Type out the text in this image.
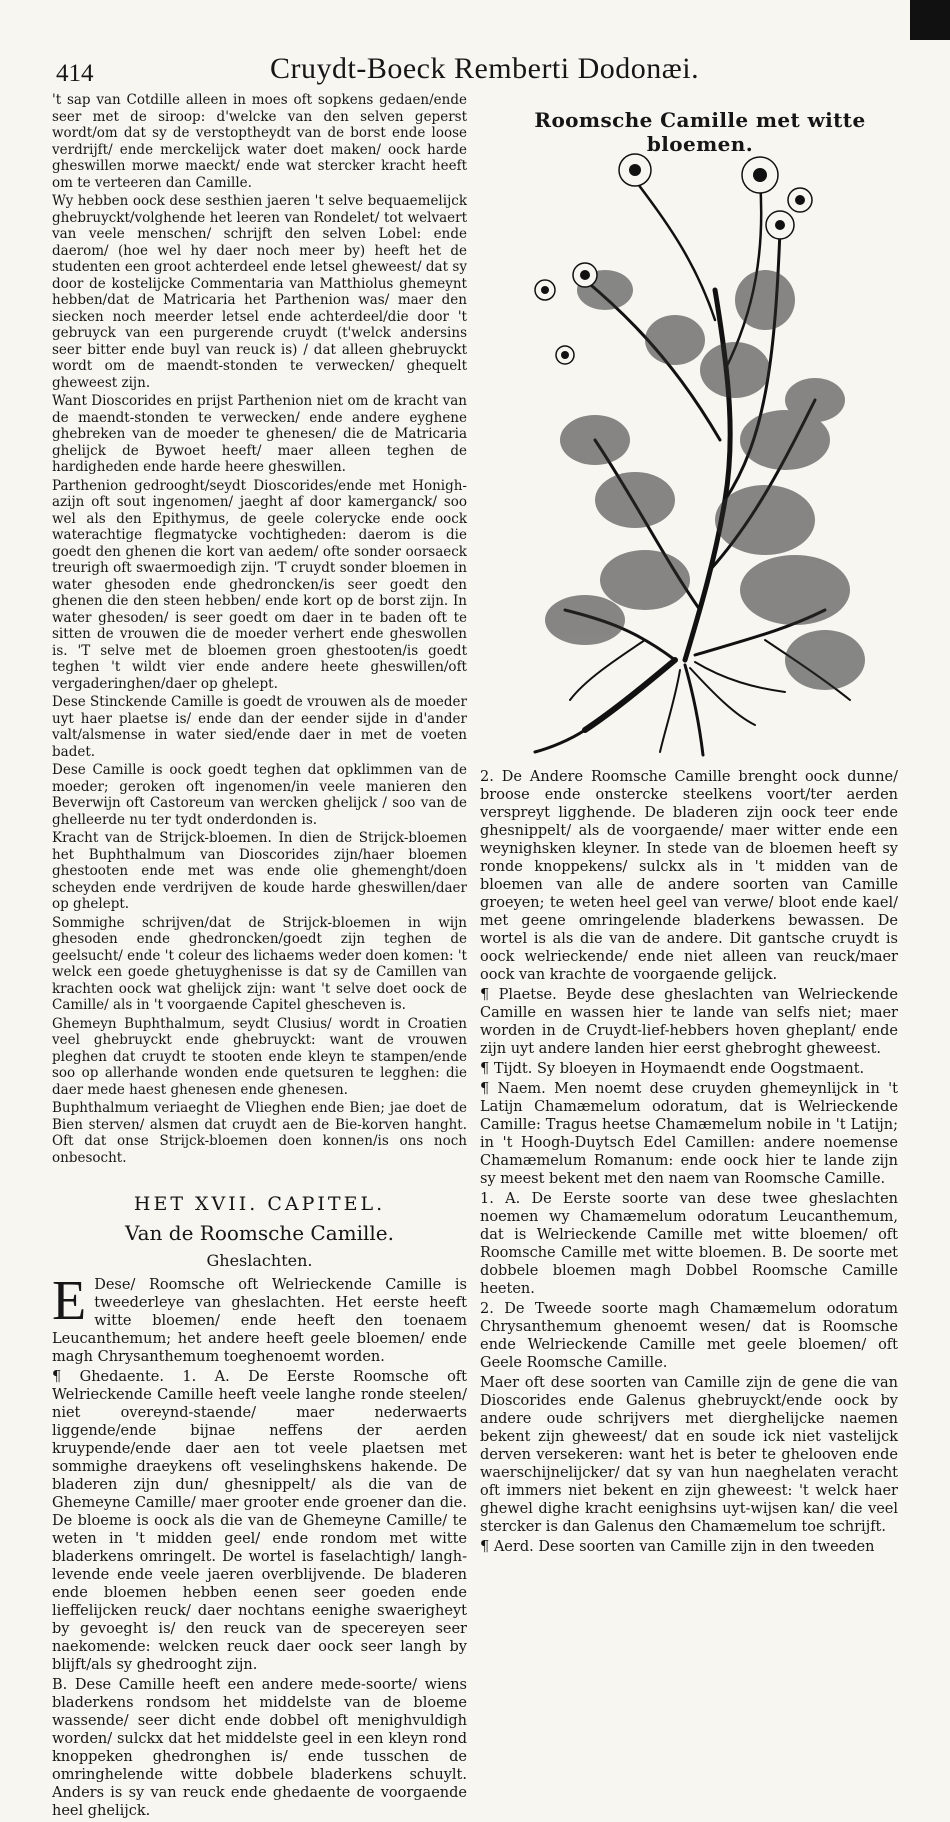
414	Cruydt-Boeck Remberti Dodonæi.

't sap van Cotdille alleen in moes oft sopkens gedaen/ende seer met de siroop: d'welcke van den selven geperst wordt/om dat sy de verstoptheydt van de borst ende loose verdrijft/ ende merckelijck water doet maken/ oock harde gheswillen morwe maeckt/ ende wat stercker kracht heeft om te verteeren dan Camille.

Wy hebben oock dese sesthien jaeren 't selve bequaemelijck ghebruyckt/volghende het leeren van Rondelet/ tot welvaert van veele menschen/ schrijft den selven Lobel: ende daerom/ (hoe wel hy daer noch meer by) heeft het de studenten een groot achterdeel ende letsel gheweest/ dat sy door de kostelijcke Commentaria van Matthiolus ghemeynt hebben/dat de Matricaria het Parthenion was/ maer den siecken noch meerder letsel ende achterdeel/die door 't gebruyck van een purgerende cruydt (t'welck andersins seer bitter ende buyl van reuck is) / dat alleen ghebruyckt wordt om de maendt-stonden te verwecken/ ghequelt gheweest zijn.

Want Dioscorides en prijst Parthenion niet om de kracht van de maendt-stonden te verwecken/ ende andere eyghene ghebreken van de moeder te ghenesen/ die de Matricaria ghelijck de Bywoet heeft/ maer alleen teghen de hardigheden ende harde heere gheswillen.

Parthenion gedrooght/seydt Dioscorides/ende met Honigh-azijn oft sout ingenomen/ jaeght af door kamerganck/ soo wel als den Epithymus, de geele colerycke ende oock waterachtige flegmatycke vochtigheden: daerom is die goedt den ghenen die kort van aedem/ ofte sonder oorsaeck treurigh oft swaermoedigh zijn. 'T cruydt sonder bloemen in water ghesoden ende ghedroncken/is seer goedt den ghenen die den steen hebben/ ende kort op de borst zijn. In water ghesoden/ is seer goedt om daer in te baden oft te sitten de vrouwen die de moeder verhert ende gheswollen is. 'T selve met de bloemen groen ghestooten/is goedt teghen 't wildt vier ende andere heete gheswillen/oft vergaderinghen/daer op ghelept.

Dese Stinckende Camille is goedt de vrouwen als de moeder uyt haer plaetse is/ ende dan der eender sijde in d'ander valt/alsmense in water sied/ende daer in met de voeten badet.

Dese Camille is oock goedt teghen dat opklimmen van de moeder; geroken oft ingenomen/in veele manieren den Beverwijn oft Castoreum van wercken ghelijck / soo van de ghelleerde nu ter tydt onderdonden is.

Kracht van de Strijck-bloemen. In dien de Strijck-bloemen het Buphthalmum van Dioscorides zijn/haer bloemen ghestooten ende met was ende olie ghemenght/doen scheyden ende verdrijven de koude harde gheswillen/daer op ghelept.

Sommighe schrijven/dat de Strijck-bloemen in wijn ghesoden ende ghedroncken/goedt zijn teghen de geelsucht/ ende 't coleur des lichaems weder doen komen: 't welck een goede ghetuyghenisse is dat sy de Camillen van krachten oock wat ghelijck zijn: want 't selve doet oock de Camille/ als in 't voorgaende Capitel ghescheven is.

Ghemeyn Buphthalmum, seydt Clusius/ wordt in Croatien veel ghebruyckt ende ghebruyckt: want de vrouwen pleghen dat cruydt te stooten ende kleyn te stampen/ende soo op allerhande wonden ende quetsuren te legghen: die daer mede haest ghenesen ende ghenesen.

Buphthalmum veriaeght de Vlieghen ende Bien; jae doet de Bien sterven/ alsmen dat cruydt aen de Bie-korven hanght. Oft dat onse Strijck-bloemen doen konnen/is ons noch onbesocht.

HET XVII. CAPITEL.
Van de Roomsche Camille.
Gheslachten.

E Dese/ Roomsche oft Welrieckende Camille is tweederleye van gheslachten. Het eerste heeft witte bloemen/ ende heeft den toenaem Leucanthemum; het andere heeft geele bloemen/ ende magh Chrysanthemum toeghenoemt worden.

¶ Ghedaente. 1. A. De Eerste Roomsche oft Welrieckende Camille heeft veele langhe ronde steelen/ niet overeynd-staende/ maer nederwaerts liggende/ende bijnae neffens der aerden kruypende/ende daer aen tot veele plaetsen met sommighe draeykens oft veselinghskens hakende. De bladeren zijn dun/ ghesnippelt/ als die van de Ghemeyne Camille/ maer grooter ende groener dan die. De bloeme is oock als die van de Ghemeyne Camille/ te weten in 't midden geel/ ende rondom met witte bladerkens omringelt. De wortel is faselachtigh/ langh-levende ende veele jaeren overblijvende. De bladeren ende bloemen hebben eenen seer goeden ende lieffelijcken reuck/ daer nochtans eenighe swaerigheyt by gevoeght is/ den reuck van de specereyen seer naekomende: welcken reuck daer oock seer langh by blijft/als sy ghedrooght zijn.

B. Dese Camille heeft een andere mede-soorte/ wiens bladerkens rondsom het middelste van de bloeme wassende/ seer dicht ende dobbel oft menighvuldigh worden/ sulckx dat het middelste geel in een kleyn rond knoppeken ghedronghen is/ ende tusschen de omringhelende witte dobbele bladerkens schuylt. Anders is sy van reuck ende ghedaente de voorgaende heel ghelijck.

Roomsche Camille met witte bloemen.

2. De Andere Roomsche Camille brenght oock dunne/ broose ende onsterckе steelkens voort/ter aerden verspreyt ligghende. De bladeren zijn oock teer ende ghesnippelt/ als de voorgaende/ maer witter ende een weynighsken kleyner. In stede van de bloemen heeft sy ronde knoppekens/ sulckx als in 't midden van de bloemen van alle de andere soorten van Camille groeyen; te weten heel geel van verwe/ bloot ende kael/ met geene omringelende bladerkens bewassen. De wortel is als die van de andere. Dit gantsche cruydt is oock welrieckende/ ende niet alleen van reuck/maer oock van krachte de voorgaende gelijck.

¶ Plaetse. Beyde dese gheslachten van Welrieckende Camille en wassen hier te lande van selfs niet; maer worden in de Cruydt-lief-hebbers hoven gheplant/ ende zijn uyt andere landen hier eerst ghebroght gheweest.

¶ Tijdt. Sy bloeyen in Hoymaendt ende Oogstmaent.

¶ Naem. Men noemt dese cruyden ghemeynlijck in 't Latijn Chamæmelum odoratum, dat is Welrieckende Camille: Tragus heetse Chamæmelum nobile in 't Latijn; in 't Hoogh-Duytsch Edel Camillen: andere noemense Chamæmelum Romanum: ende oock hier te lande zijn sy meest bekent met den naem van Roomsche Camille.

1. A. De Eerste soorte van dese twee gheslachten noemen wy Chamæmelum odoratum Leucanthemum, dat is Welrieckende Camille met witte bloemen/ oft Roomsche Camille met witte bloemen. B. De soorte met dobbele bloemen magh Dobbel Roomsche Camille heeten.

2. De Tweede soorte magh Chamæmelum odoratum Chrysanthemum ghenoemt wesen/ dat is Roomsche ende Welrieckende Camille met geele bloemen/ oft Geele Roomsche Camille.

Maer oft dese soorten van Camille zijn de gene die van Dioscorides ende Galenus ghebruyckt/ende oock by andere oude schrijvers met dierghelijcke naemen bekent zijn gheweest/ dat en soude ick niet vastelijck derven versekeren: want het is beter te ghelooven ende waerschijnelijcker/ dat sy van hun naeghelaten veracht oft immers niet bekent en zijn gheweest: 't welck haer ghewel dighe kracht eenighsins uyt-wijsen kan/ die veel stercker is dan Galenus den Chamæmelum toe schrijft.

¶ Aerd. Dese soorten van Camille zijn in den tweeden
